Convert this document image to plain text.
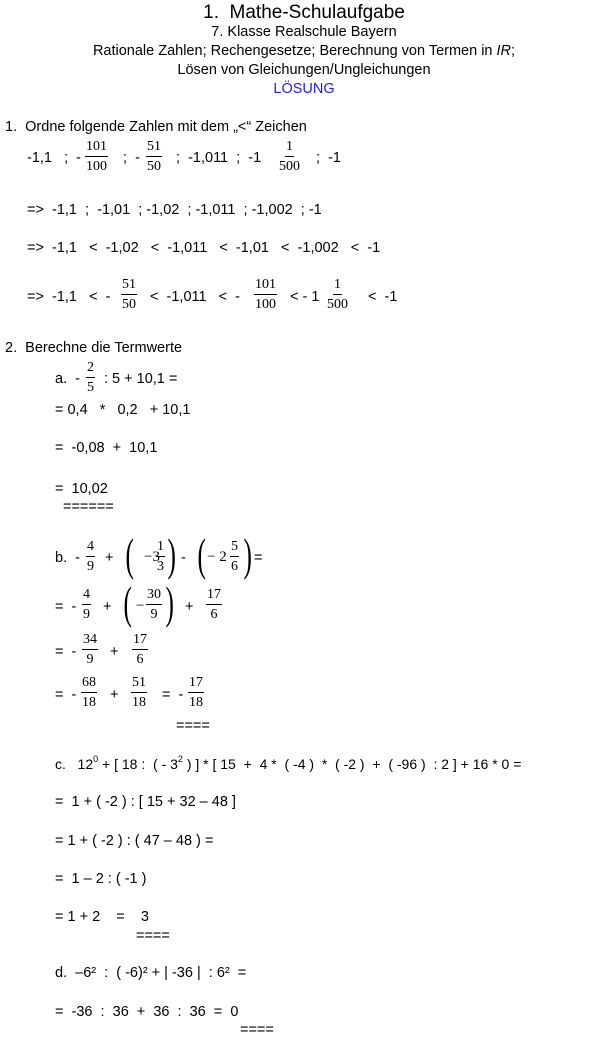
1.  Mathe-Schulaufgabe
7. Klasse Realschule Bayern
Rationale Zahlen; Rechengesetze; Berechnung von Termen in IR;
Lösen von Gleichungen/Ungleichungen
LÖSUNG
1.  Ordne folgende Zahlen mit dem „<“ Zeichen
-1,1   ;  -
101
100
;  -
51
50
;  -1,011  ;  -1
1
500
;  -1
=>  -1,1  ;  -1,01  ; -1,02  ; -1,011  ; -1,002  ; -1
=>  -1,1   <  -1,02   <  -1,011   <  -1,01   <  -1,002   <  -1
=>  -1,1   <  -
51
50 <  -1,011   <  -
101
100 < - 1
1
500 <  -1
2.  Berechne die Termwerte
a.  -
2
5
: 5 + 10,1 =
= 0,4   *   0,2   + 10,1
=  -0,08  +  10,1
=  10,02
======
b.  -
4
9
+ ( −3
1
3 ) - ( − 2
5
6 ) =
=  -
4
9 + ( −
30
9 ) +
17
6
=  -
34
9 +
17
6
=  -
68
18 +
51
18 =  -
17
18
====
c.   $12^0$ + [ 18 :  ( - $3^2$ ) ] * [ 15  +  4 *  ( -4 )  *  ( -2 )  +  ( -96 )  : 2 ] + 16 * 0 =
=  1 + ( -2 ) : [ 15 + 32 – 48 ]
= 1 + ( -2 ) : ( 47 – 48 ) =
=  1 – 2 : ( -1 )
= 1 + 2    =    3
====
d.  –6²  :  ( -6)² + | -36 |  : 6²  =
=  -36  :  36  +  36  :  36  =  0
====
